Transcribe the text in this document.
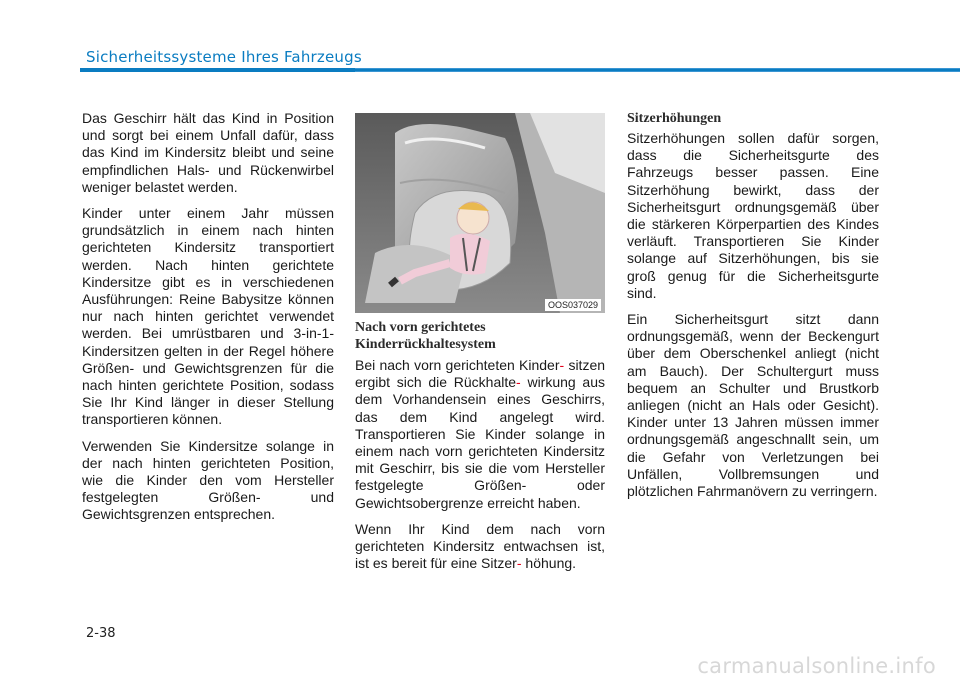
Sicherheitssysteme Ihres Fahrzeugs

Das Geschirr hält das Kind in Position und sorgt bei einem Unfall dafür, dass das Kind im Kindersitz bleibt und seine empfindlichen Hals- und Rückenwirbel weniger belastet werden.

Kinder unter einem Jahr müssen grundsätzlich in einem nach hinten gerichteten Kindersitz transportiert werden. Nach hinten gerichtete Kindersitze gibt es in verschiedenen Ausführungen: Reine Babysitze können nur nach hinten gerichtet verwendet werden. Bei umrüstbaren und 3-in-1-Kindersitzen gelten in der Regel höhere Größen- und Gewichtsgrenzen für die nach hinten gerichtete Position, sodass Sie Ihr Kind länger in dieser Stellung transportieren können.

Verwenden Sie Kindersitze solange in der nach hinten gerichteten Position, wie die Kinder den vom Hersteller festgelegten Größen- und Gewichtsgrenzen entsprechen.

OOS037029
Nach vorn gerichtetes Kinderrückhaltesystem

Bei nach vorn gerichteten Kinder- sitzen ergibt sich die Rückhalte- wirkung aus dem Vorhandensein eines Geschirrs, das dem Kind angelegt wird. Transportieren Sie Kinder solange in einem nach vorn gerichteten Kindersitz mit Geschirr, bis sie die vom Hersteller festgelegte Größen- oder Gewichtsobergrenze erreicht haben.

Wenn Ihr Kind dem nach vorn gerichteten Kindersitz entwachsen ist, ist es bereit für eine Sitzer- höhung.

Sitzerhöhungen

Sitzerhöhungen sollen dafür sorgen, dass die Sicherheitsgurte des Fahrzeugs besser passen. Eine Sitzerhöhung bewirkt, dass der Sicherheitsgurt ordnungsgemäß über die stärkeren Körperpartien des Kindes verläuft. Transportieren Sie Kinder solange auf Sitzerhöhungen, bis sie groß genug für die Sicherheitsgurte sind.

Ein Sicherheitsgurt sitzt dann ordnungsgemäß, wenn der Beckengurt über dem Oberschenkel anliegt (nicht am Bauch). Der Schultergurt muss bequem an Schulter und Brustkorb anliegen (nicht an Hals oder Gesicht). Kinder unter 13 Jahren müssen immer ordnungsgemäß angeschnallt sein, um die Gefahr von Verletzungen bei Unfällen, Vollbremsungen und plötzlichen Fahrmanövern zu verringern.

2-38
carmanualsonline.info
